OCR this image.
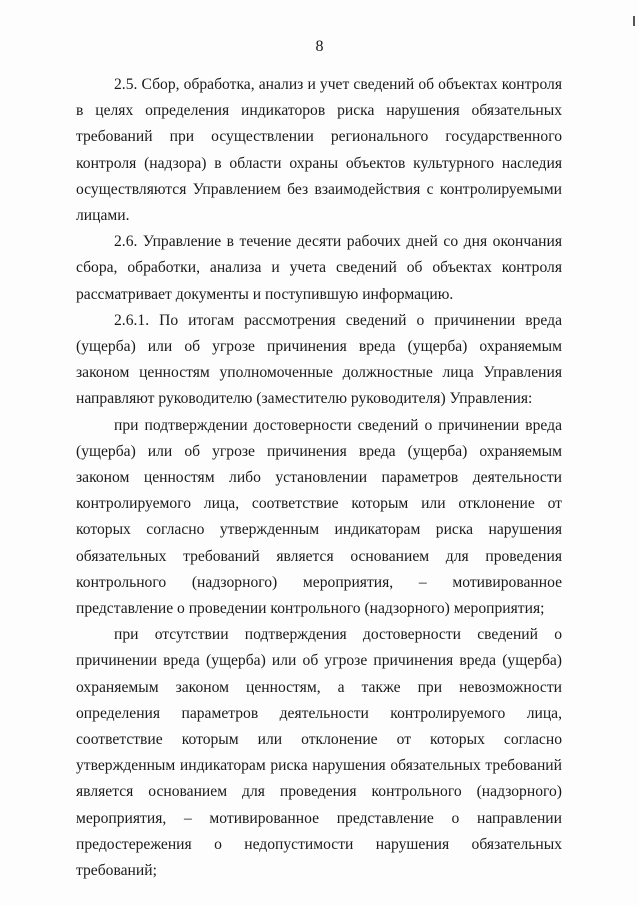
8

2.5. Сбор, обработка, анализ и учет сведений об объектах контроля в целях определения индикаторов риска нарушения обязательных требований при осуществлении регионального государственного контроля (надзора) в области охраны объектов культурного наследия осуществляются Управлением без взаимодействия с контролируемыми лицами.

2.6. Управление в течение десяти рабочих дней со дня окончания сбора, обработки, анализа и учета сведений об объектах контроля рассматривает документы и поступившую информацию.

2.6.1. По итогам рассмотрения сведений о причинении вреда (ущерба) или об угрозе причинения вреда (ущерба) охраняемым законом ценностям уполномоченные должностные лица Управления направляют руководителю (заместителю руководителя) Управления:

при подтверждении достоверности сведений о причинении вреда (ущерба) или об угрозе причинения вреда (ущерба) охраняемым законом ценностям либо установлении параметров деятельности контролируемого лица, соответствие которым или отклонение от которых согласно утвержденным индикаторам риска нарушения обязательных требований является основанием для проведения контрольного (надзорного) мероприятия, – мотивированное представление о проведении контрольного (надзорного) мероприятия;

при отсутствии подтверждения достоверности сведений о причинении вреда (ущерба) или об угрозе причинения вреда (ущерба) охраняемым законом ценностям, а также при невозможности определения параметров деятельности контролируемого лица, соответствие которым или отклонение от которых согласно утвержденным индикаторам риска нарушения обязательных требований является основанием для проведения контрольного (надзорного) мероприятия, – мотивированное представление о направлении предостережения о недопустимости нарушения обязательных требований;
